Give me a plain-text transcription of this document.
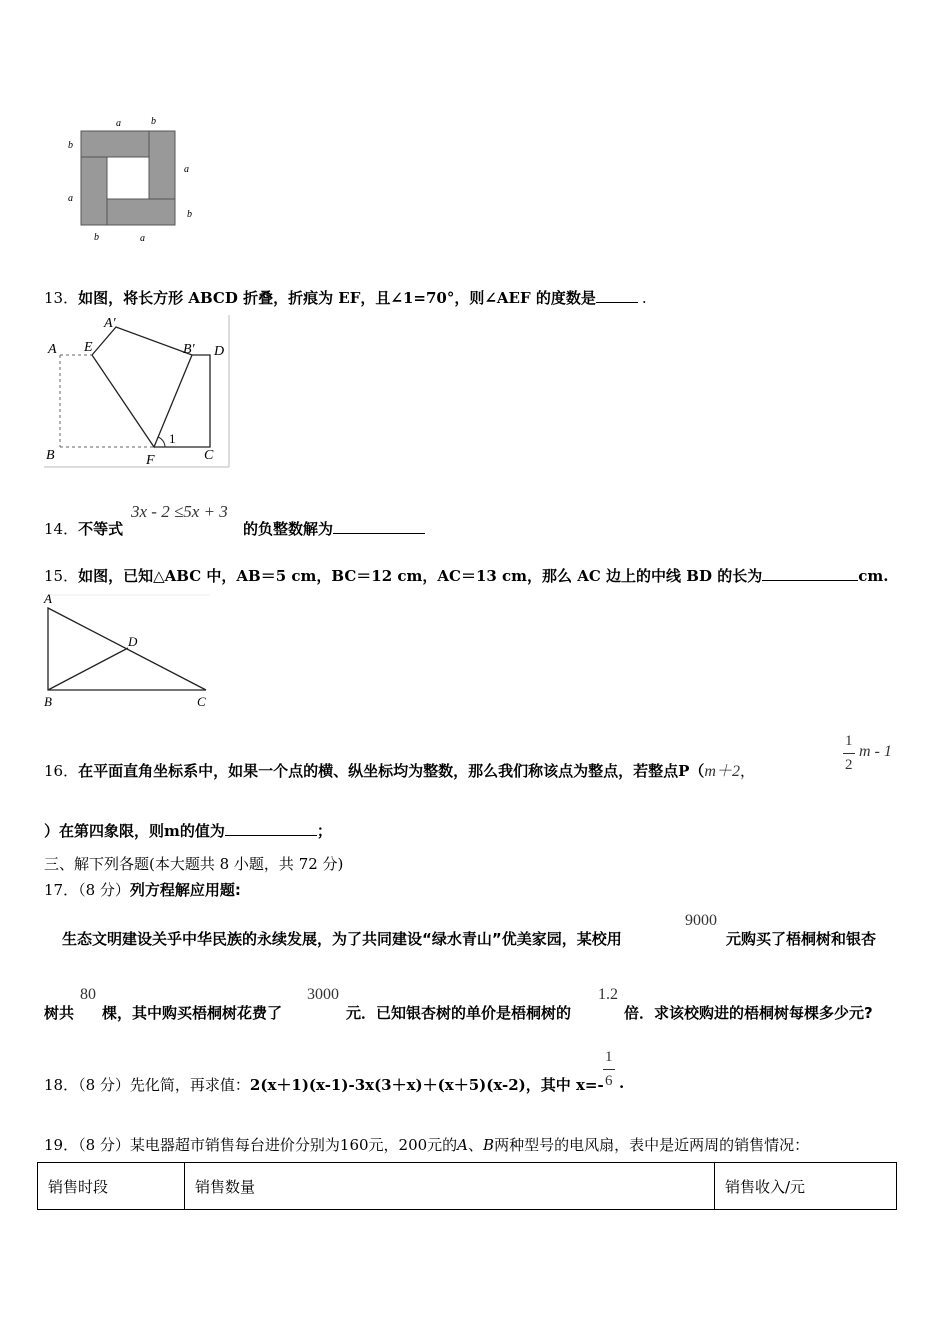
a	b
b
a
a
b
b	a
13．如图，将长方形 ABCD 折叠，折痕为 EF，且∠1=70°，则∠AEF 的度数是	.
A
A′
E	B′ D
B	F	C
1
14．不等式
3x - 2 ≤5x + 3
的负整数解为
15．如图，已知△ABC 中，AB＝5 cm，BC＝12 cm，AC＝13 cm，那么 AC 边上的中线 BD 的长为	cm.
A
D
B	C
16．在平面直角坐标系中，如果一个点的横、纵坐标均为整数，那么我们称该点为整点，若整点P（m＋2，
1
2
m - 1
）在第四象限，则m的值为	；
三、解下列各题(本大题共 8 小题，共 72 分)
17．（8 分）列方程解应用题:
生态文明建设关乎中华民族的永续发展，为了共同建设“绿水青山”优美家园，某校用
9000
元购买了梧桐树和银杏
树共
80
棵，其中购买梧桐树花费了
3000
元．已知银杏树的单价是梧桐树的
1.2
倍．求该校购进的梧桐树每棵多少元?
18．（8 分）先化简，再求值：2(x＋1)(x-1)-3x(3＋x)＋(x＋5)(x-2)，其中 x=-
1
6 .
19．（8 分）某电器超市销售每台进价分别为160元，200元的A、B两种型号的电风扇，表中是近两周的销售情况：
销售时段	销售数量	销售收入/元
